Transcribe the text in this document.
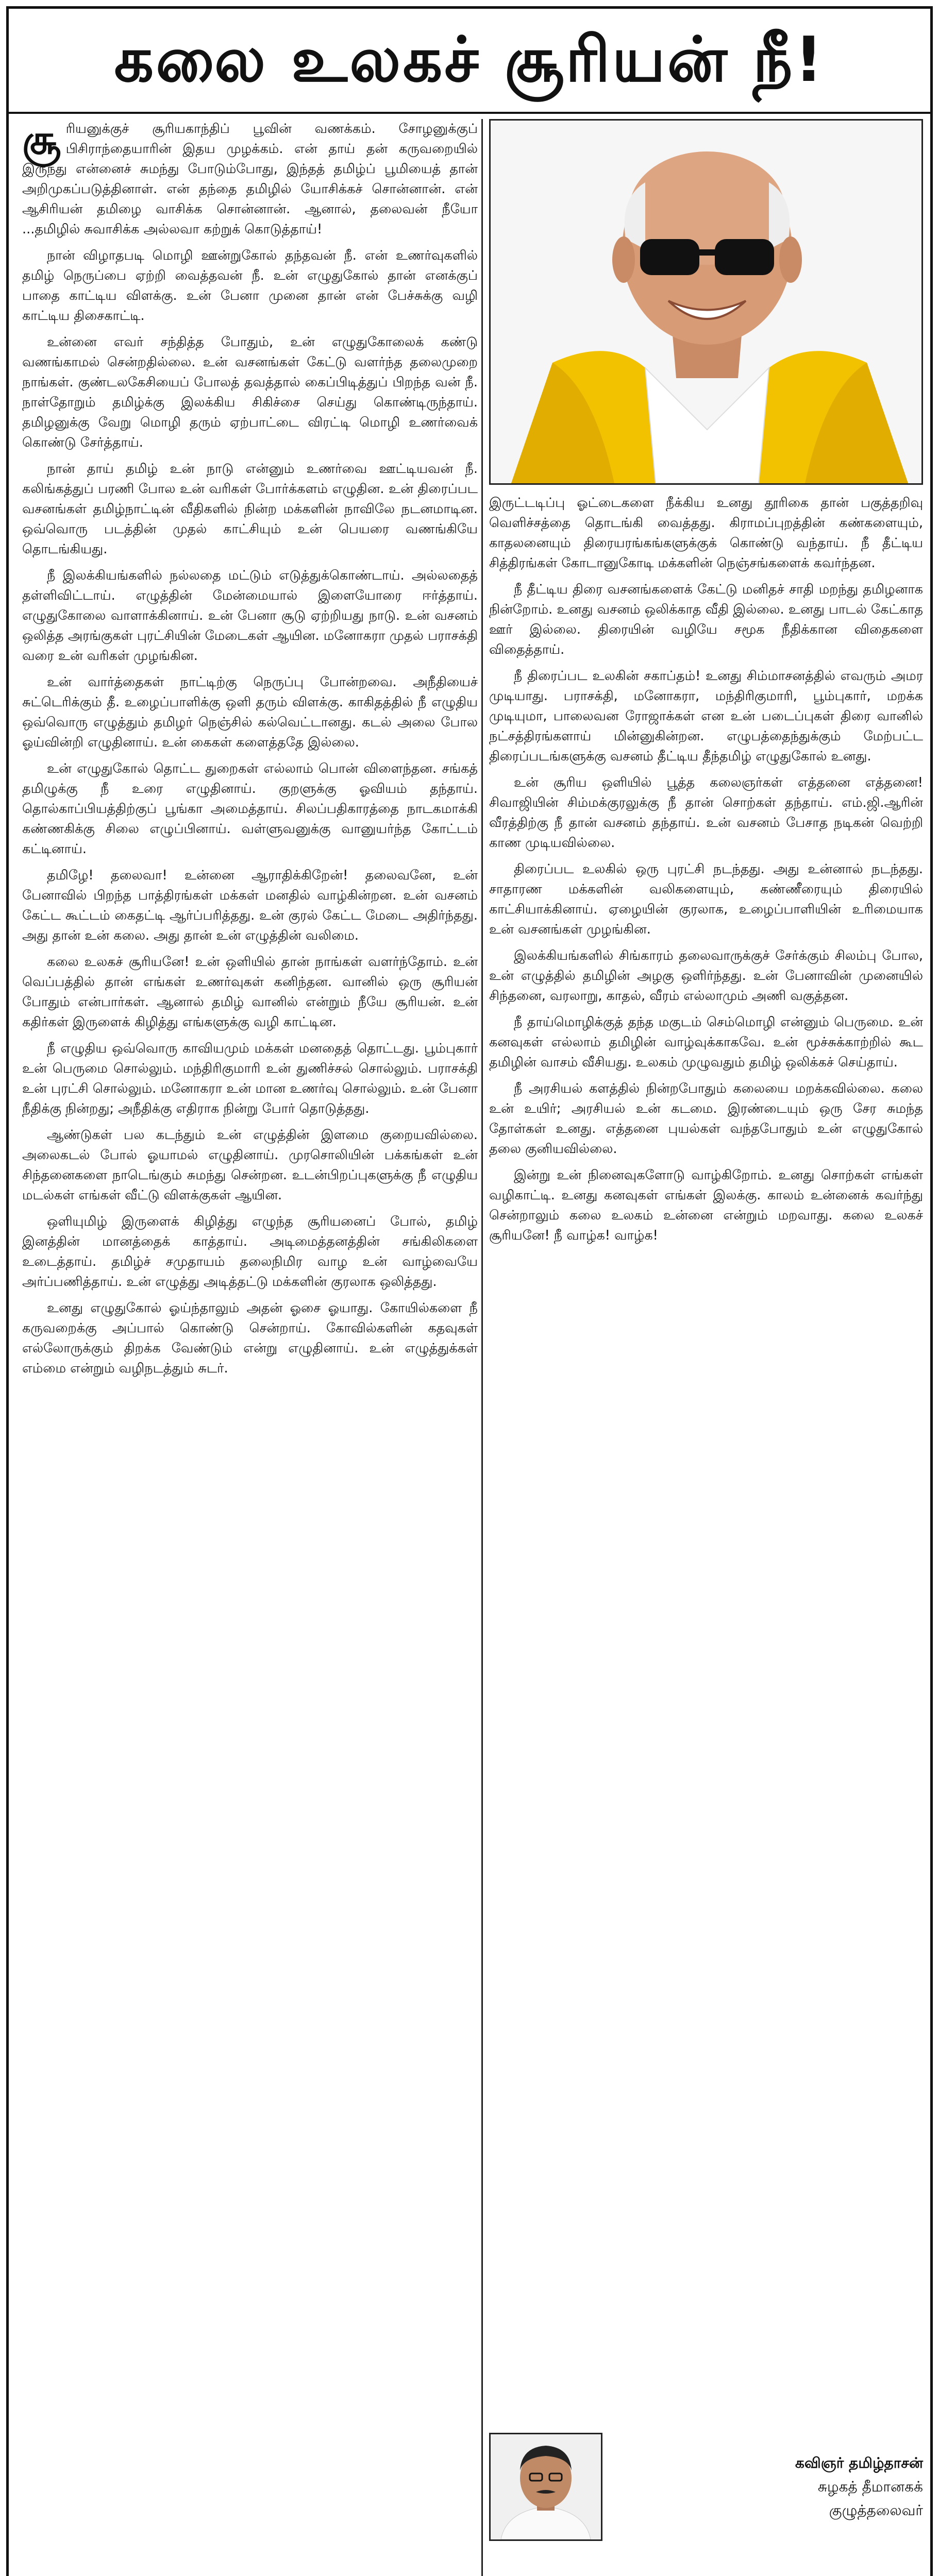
கலை உலகச் சூரியன் நீ!

சூரியனுக்குச் சூரியகாந்திப் பூவின் வணக்கம். சோழனுக்குப் பிசிராந்தையாரின் இதய முழக்கம். என் தாய் தன் கருவறையில் இருந்து என்னைச் சுமந்து போடும்போது, இந்தத் தமிழ்ப் பூமியைத் தான் அறிமுகப்படுத்தினாள். என் தந்தை தமிழில் யோசிக்கச் சொன்னான். என் ஆசிரியன் தமிழை வாசிக்க சொன்னான். ஆனால், தலைவன் நீயோ ...தமிழில் சுவாசிக்க அல்லவா கற்றுக் கொடுத்தாய்!

நான் விழாதபடி மொழி ஊன்றுகோல் தந்தவன் நீ. என் உணர்வுகளில் தமிழ் நெருப்பை ஏற்றி வைத்தவன் நீ. உன் எழுதுகோல் தான் எனக்குப் பாதை காட்டிய விளக்கு. உன் பேனா முனை தான் என் பேச்சுக்கு வழி காட்டிய திசைகாட்டி.

உன்னை எவர் சந்தித்த போதும், உன் எழுதுகோலைக் கண்டு வணங்காமல் சென்றதில்லை. உன் வசனங்கள் கேட்டு வளர்ந்த தலைமுறை நாங்கள். குண்டலகேசியைப் போலத் தவத்தால் கைப்பிடித்துப் பிறந்த வன் நீ. நாள்தோறும் தமிழ்க்கு இலக்கிய சிகிச்சை செய்து கொண்டிருந்தாய். தமிழனுக்கு வேறு மொழி தரும் ஏற்பாட்டை விரட்டி மொழி உணர்வைக் கொண்டு சேர்த்தாய்.

நான் தாய் தமிழ் உன் நாடு என்னும் உணர்வை ஊட்டியவன் நீ. கலிங்கத்துப் பரணி போல உன் வரிகள் போர்க்களம் எழுதின. உன் திரைப்பட வசனங்கள் தமிழ்நாட்டின் வீதிகளில் நின்ற மக்களின் நாவிலே நடனமாடின. ஒவ்வொரு படத்தின் முதல் காட்சியும் உன் பெயரை வணங்கியே தொடங்கியது.

நீ இலக்கியங்களில் நல்லதை மட்டும் எடுத்துக்கொண்டாய். அல்லதைத் தள்ளிவிட்டாய். எழுத்தின் மேன்மையால் இளையோரை ஈர்த்தாய். எழுதுகோலை வாளாக்கினாய். உன் பேனா சூடு ஏற்றியது நாடு. உன் வசனம் ஒலித்த அரங்குகள் புரட்சியின் மேடைகள் ஆயின. மனோகரா முதல் பராசக்தி வரை உன் வரிகள் முழங்கின.

உன் வார்த்தைகள் நாட்டிற்கு நெருப்பு போன்றவை. அநீதியைச் சுட்டெரிக்கும் தீ. உழைப்பாளிக்கு ஒளி தரும் விளக்கு. காகிதத்தில் நீ எழுதிய ஒவ்வொரு எழுத்தும் தமிழர் நெஞ்சில் கல்வெட்டானது. கடல் அலை போல ஓய்வின்றி எழுதினாய். உன் கைகள் களைத்ததே இல்லை.

உன் எழுதுகோல் தொட்ட துறைகள் எல்லாம் பொன் விளைந்தன. சங்கத் தமிழுக்கு நீ உரை எழுதினாய். குறளுக்கு ஓவியம் தந்தாய். தொல்காப்பியத்திற்குப் பூங்கா அமைத்தாய். சிலப்பதிகாரத்தை நாடகமாக்கி கண்ணகிக்கு சிலை எழுப்பினாய். வள்ளுவனுக்கு வானுயர்ந்த கோட்டம் கட்டினாய்.

தமிழே! தலைவா! உன்னை ஆராதிக்கிறேன்! தலைவனே, உன் பேனாவில் பிறந்த பாத்திரங்கள் மக்கள் மனதில் வாழ்கின்றன. உன் வசனம் கேட்ட கூட்டம் கைதட்டி ஆர்ப்பரித்தது. உன் குரல் கேட்ட மேடை அதிர்ந்தது. அது தான் உன் கலை. அது தான் உன் எழுத்தின் வலிமை.

கலை உலகச் சூரியனே! உன் ஒளியில் தான் நாங்கள் வளர்ந்தோம். உன் வெப்பத்தில் தான் எங்கள் உணர்வுகள் கனிந்தன. வானில் ஒரு சூரியன் போதும் என்பார்கள். ஆனால் தமிழ் வானில் என்றும் நீயே சூரியன். உன் கதிர்கள் இருளைக் கிழித்து எங்களுக்கு வழி காட்டின.

நீ எழுதிய ஒவ்வொரு காவியமும் மக்கள் மனதைத் தொட்டது. பூம்புகார் உன் பெருமை சொல்லும். மந்திரிகுமாரி உன் துணிச்சல் சொல்லும். பராசக்தி உன் புரட்சி சொல்லும். மனோகரா உன் மான உணர்வு சொல்லும். உன் பேனா நீதிக்கு நின்றது; அநீதிக்கு எதிராக நின்று போர் தொடுத்தது.

ஆண்டுகள் பல கடந்தும் உன் எழுத்தின் இளமை குறையவில்லை. அலைகடல் போல் ஓயாமல் எழுதினாய். முரசொலியின் பக்கங்கள் உன் சிந்தனைகளை நாடெங்கும் சுமந்து சென்றன. உடன்பிறப்புகளுக்கு நீ எழுதிய மடல்கள் எங்கள் வீட்டு விளக்குகள் ஆயின.

ஒளியுமிழ் இருளைக் கிழித்து எழுந்த சூரியனைப் போல், தமிழ் இனத்தின் மானத்தைக் காத்தாய். அடிமைத்தனத்தின் சங்கிலிகளை உடைத்தாய். தமிழ்ச் சமுதாயம் தலைநிமிர வாழ உன் வாழ்வையே அர்ப்பணித்தாய். உன் எழுத்து அடித்தட்டு மக்களின் குரலாக ஒலித்தது.

உனது எழுதுகோல் ஓய்ந்தாலும் அதன் ஓசை ஓயாது. கோயில்களை நீ கருவறைக்கு அப்பால் கொண்டு சென்றாய். கோவில்களின் கதவுகள் எல்லோருக்கும் திறக்க வேண்டும் என்று எழுதினாய். உன் எழுத்துக்கள் எம்மை என்றும் வழிநடத்தும் சுடர்.

இருட்டடிப்பு ஓட்டைகளை நீக்கிய உனது தூரிகை தான் பகுத்தறிவு வெளிச்சத்தை தொடங்கி வைத்தது. கிராமப்புறத்தின் கண்களையும், காதலனையும் திரையரங்கங்களுக்குக் கொண்டு வந்தாய். நீ தீட்டிய சித்திரங்கள் கோடானுகோடி மக்களின் நெஞ்சங்களைக் கவர்ந்தன.

நீ தீட்டிய திரை வசனங்களைக் கேட்டு மனிதச் சாதி மறந்து தமிழனாக நின்றோம். உனது வசனம் ஒலிக்காத வீதி இல்லை. உனது பாடல் கேட்காத ஊர் இல்லை. திரையின் வழியே சமூக நீதிக்கான விதைகளை விதைத்தாய்.

நீ திரைப்பட உலகின் சகாப்தம்! உனது சிம்மாசனத்தில் எவரும் அமர முடியாது. பராசக்தி, மனோகரா, மந்திரிகுமாரி, பூம்புகார், மறக்க முடியுமா, பாலைவன ரோஜாக்கள் என உன் படைப்புகள் திரை வானில் நட்சத்திரங்களாய் மின்னுகின்றன. எழுபத்தைந்துக்கும் மேற்பட்ட திரைப்படங்களுக்கு வசனம் தீட்டிய தீந்தமிழ் எழுதுகோல் உனது.

உன் சூரிய ஒளியில் பூத்த கலைஞர்கள் எத்தனை எத்தனை! சிவாஜியின் சிம்மக்குரலுக்கு நீ தான் சொற்கள் தந்தாய். எம்.ஜி.ஆரின் வீரத்திற்கு நீ தான் வசனம் தந்தாய். உன் வசனம் பேசாத நடிகன் வெற்றி காண முடியவில்லை.

திரைப்பட உலகில் ஒரு புரட்சி நடந்தது. அது உன்னால் நடந்தது. சாதாரண மக்களின் வலிகளையும், கண்ணீரையும் திரையில் காட்சியாக்கினாய். ஏழையின் குரலாக, உழைப்பாளியின் உரிமையாக உன் வசனங்கள் முழங்கின.

இலக்கியங்களில் சிங்காரம் தலைவாருக்குச் சேர்க்கும் சிலம்பு போல, உன் எழுத்தில் தமிழின் அழகு ஒளிர்ந்தது. உன் பேனாவின் முனையில் சிந்தனை, வரலாறு, காதல், வீரம் எல்லாமும் அணி வகுத்தன.

நீ தாய்மொழிக்குத் தந்த மகுடம் செம்மொழி என்னும் பெருமை. உன் கனவுகள் எல்லாம் தமிழின் வாழ்வுக்காகவே. உன் மூச்சுக்காற்றில் கூட தமிழின் வாசம் வீசியது. உலகம் முழுவதும் தமிழ் ஒலிக்கச் செய்தாய்.

நீ அரசியல் களத்தில் நின்றபோதும் கலையை மறக்கவில்லை. கலை உன் உயிர்; அரசியல் உன் கடமை. இரண்டையும் ஒரு சேர சுமந்த தோள்கள் உனது. எத்தனை புயல்கள் வந்தபோதும் உன் எழுதுகோல் தலை குனியவில்லை.

இன்று உன் நினைவுகளோடு வாழ்கிறோம். உனது சொற்கள் எங்கள் வழிகாட்டி. உனது கனவுகள் எங்கள் இலக்கு. காலம் உன்னைக் கவர்ந்து சென்றாலும் கலை உலகம் உன்னை என்றும் மறவாது. கலை உலகச் சூரியனே! நீ வாழ்க! வாழ்க!

கவிஞர் தமிழ்தாசன்
சுழகத் தீமானகக்
குழுத்தலைவர்
